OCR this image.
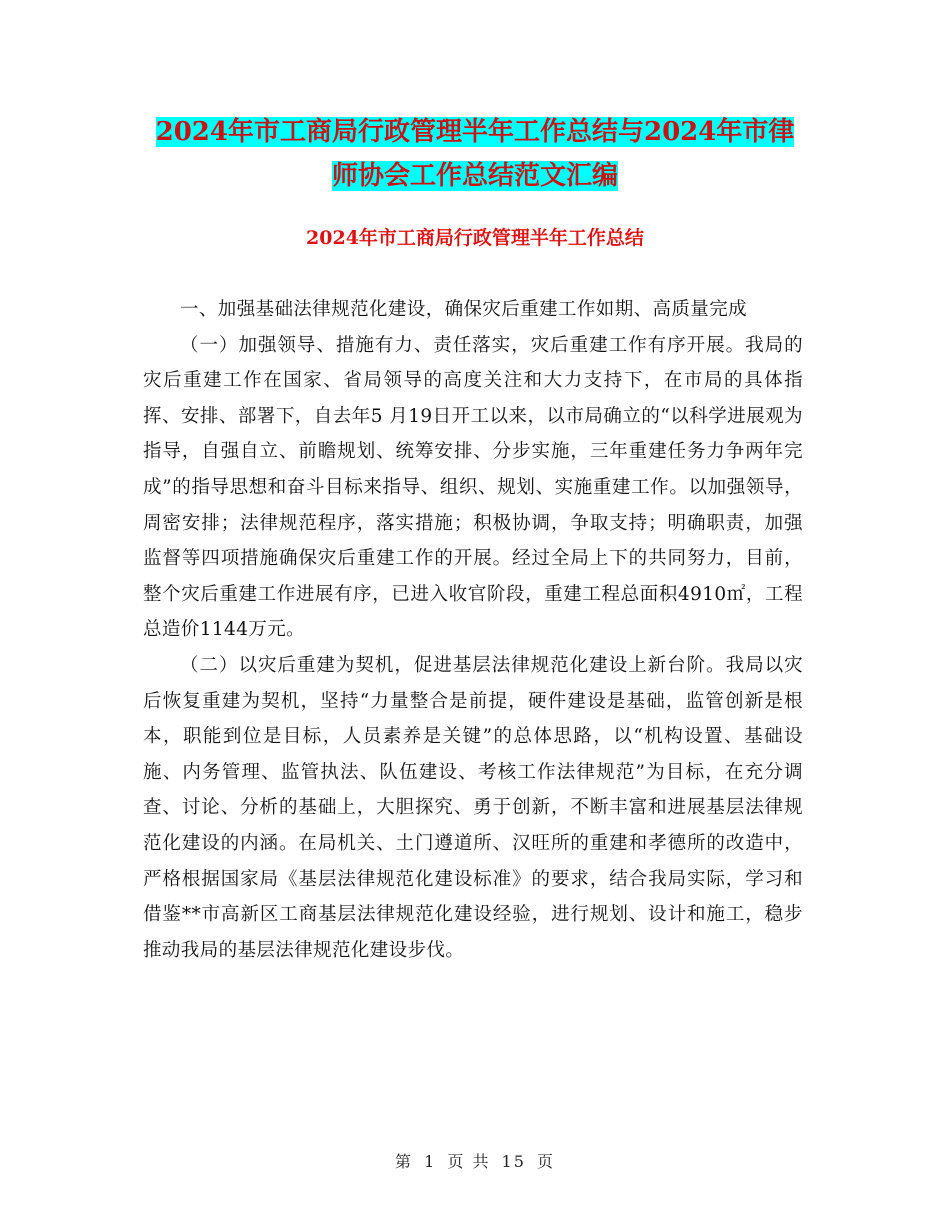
2024年市工商局行政管理半年工作总结与2024年市律
师协会工作总结范文汇编
2024年市工商局行政管理半年工作总结

一、加强基础法律规范化建设，确保灾后重建工作如期、高质量完成

（一）加强领导、措施有力、责任落实，灾后重建工作有序开展。我局的灾后重建工作在国家、省局领导的高度关注和大力支持下，在市局的具体指挥、安排、部署下，自去年5 月19日开工以来，以市局确立的“以科学进展观为指导，自强自立、前瞻规划、统筹安排、分步实施，三年重建任务力争两年完成”的指导思想和奋斗目标来指导、组织、规划、实施重建工作。以加强领导，周密安排；法律规范程序，落实措施；积极协调，争取支持；明确职责，加强监督等四项措施确保灾后重建工作的开展。经过全局上下的共同努力，目前，整个灾后重建工作进展有序，已进入收官阶段，重建工程总面积4910㎡，工程总造价1144万元。

（二）以灾后重建为契机，促进基层法律规范化建设上新台阶。我局以灾后恢复重建为契机，坚持“力量整合是前提，硬件建设是基础，监管创新是根本，职能到位是目标，人员素养是关键”的总体思路，以“机构设置、基础设施、内务管理、监管执法、队伍建设、考核工作法律规范”为目标，在充分调查、讨论、分析的基础上，大胆探究、勇于创新，不断丰富和进展基层法律规范化建设的内涵。在局机关、土门遵道所、汉旺所的重建和孝德所的改造中，严格根据国家局《基层法律规范化建设标准》的要求，结合我局实际，学习和借鉴**市高新区工商基层法律规范化建设经验，进行规划、设计和施工，稳步推动我局的基层法律规范化建设步伐。

第 1 页 共 15 页
